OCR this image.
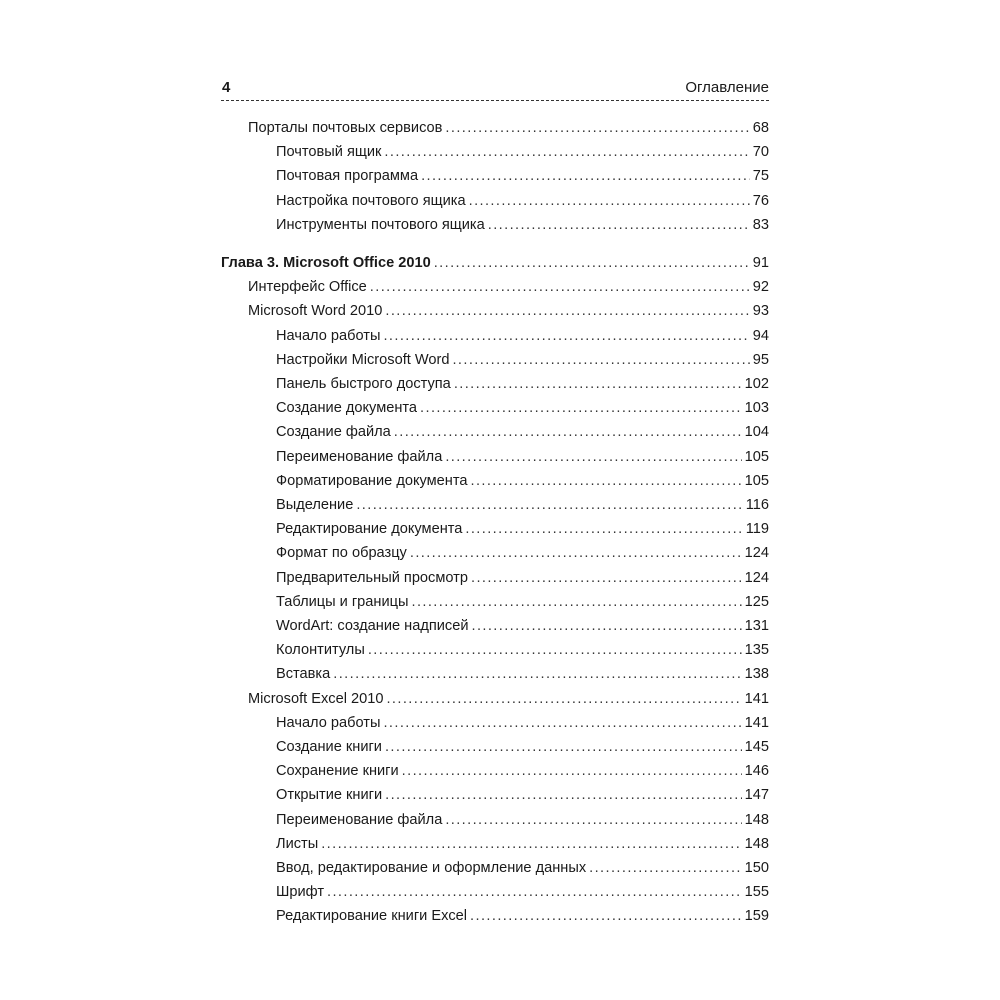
4	Оглавление
Порталы почтовых сервисов .....	68
Почтовый ящик .....	70
Почтовая программа .....	75
Настройка почтового ящика .....	76
Инструменты почтового ящика .....	83
Глава 3. Microsoft Office 2010 .....	91
Интерфейс Office .....	92
Microsoft Word 2010 .....	93
Начало работы .....	94
Настройки Microsoft Word .....	95
Панель быстрого доступа .....	102
Создание документа .....	103
Создание файла .....	104
Переименование файла .....	105
Форматирование документа .....	105
Выделение .....	116
Редактирование документа .....	119
Формат по образцу .....	124
Предварительный просмотр .....	124
Таблицы и границы .....	125
WordArt: создание надписей .....	131
Колонтитулы .....	135
Вставка .....	138
Microsoft Excel 2010 .....	141
Начало работы .....	141
Создание книги .....	145
Сохранение книги .....	146
Открытие книги .....	147
Переименование файла .....	148
Листы .....	148
Ввод, редактирование и оформление данных .....	150
Шрифт .....	155
Редактирование книги Excel .....	159
